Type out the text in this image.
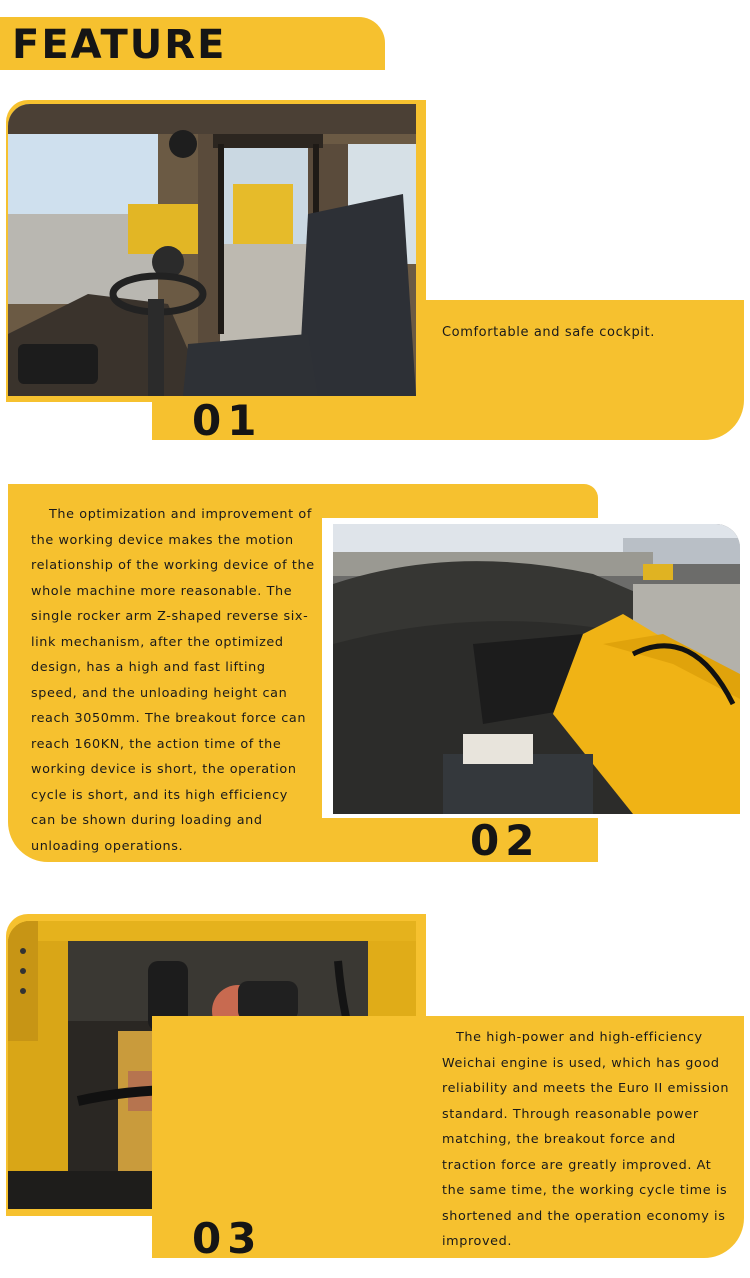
FEATURE
Comfortable and safe cockpit.
01
The optimization and improvement of the working device makes the motion relationship of the working device of the whole machine more reasonable. The single rocker arm Z-shaped reverse six-link mechanism, after the optimized design, has a high and fast lifting speed, and the unloading height can reach 3050mm. The breakout force can reach 160KN, the action time of the working device is short, the operation cycle is short, and its high efficiency can be shown during loading and unloading operations.	02
The high-power and high-efficiency Weichai engine is used, which has good reliability and meets the Euro II emission standard. Through reasonable power matching, the breakout force and traction force are greatly improved. At the same time, the working cycle time is shortened and the operation economy is improved.
03
